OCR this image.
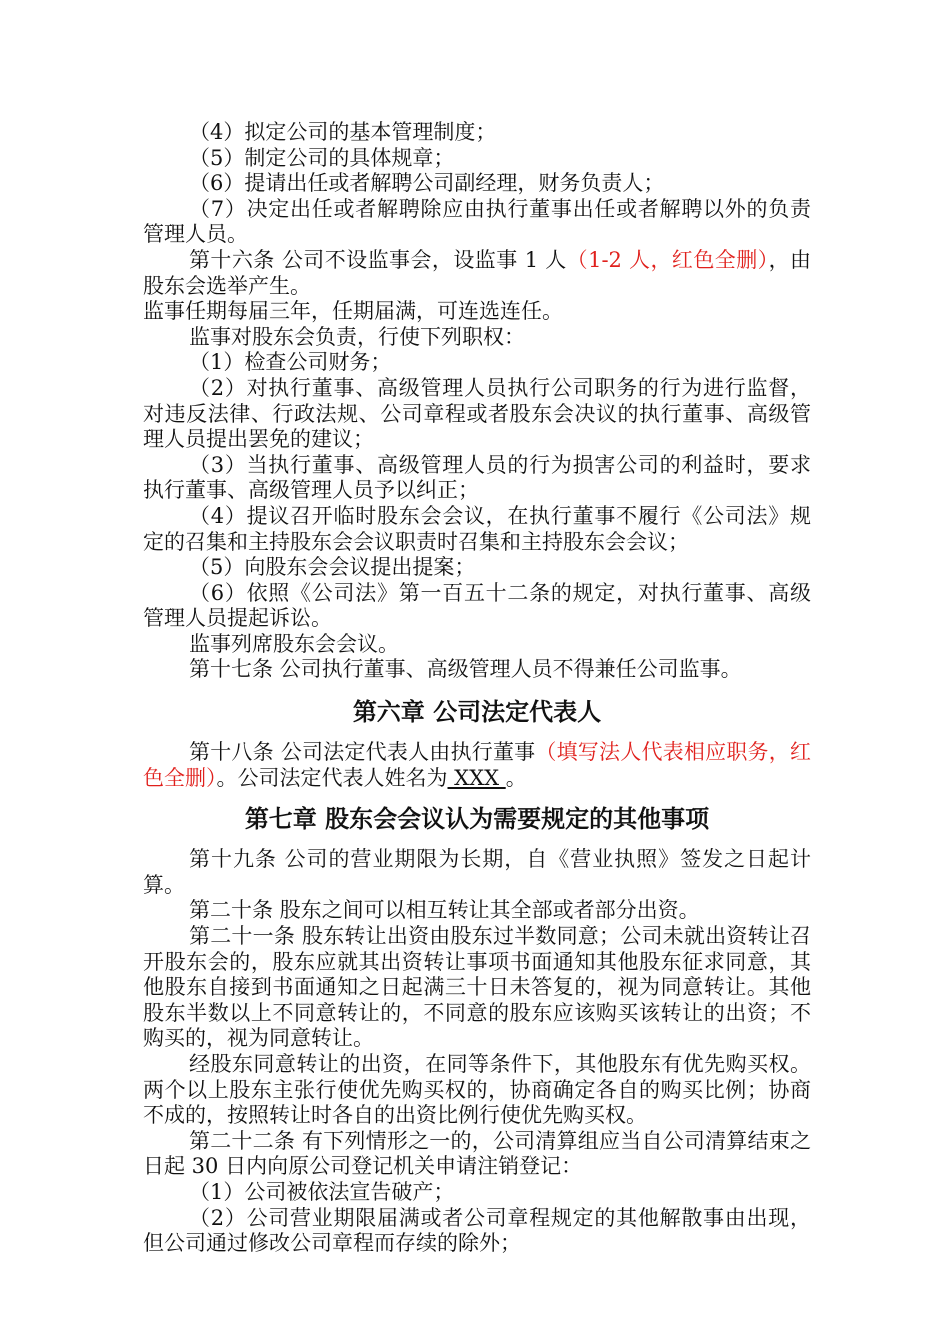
（4）拟定公司的基本管理制度；

（5）制定公司的具体规章；

（6）提请出任或者解聘公司副经理，财务负责人；

（7）决定出任或者解聘除应由执行董事出任或者解聘以外的负责管理人员。

第十六条 公司不设监事会，设监事 1 人（1-2 人，红色全删），由股东会选举产生。

监事任期每届三年，任期届满，可连选连任。

监事对股东会负责，行使下列职权：

（1）检查公司财务；

（2）对执行董事、高级管理人员执行公司职务的行为进行监督，对违反法律、行政法规、公司章程或者股东会决议的执行董事、高级管理人员提出罢免的建议；

（3）当执行董事、高级管理人员的行为损害公司的利益时，要求执行董事、高级管理人员予以纠正；

（4）提议召开临时股东会会议，在执行董事不履行《公司法》规定的召集和主持股东会会议职责时召集和主持股东会会议；

（5）向股东会会议提出提案；

（6）依照《公司法》第一百五十二条的规定，对执行董事、高级管理人员提起诉讼。

监事列席股东会会议。

第十七条 公司执行董事、高级管理人员不得兼任公司监事。

第六章 公司法定代表人

第十八条 公司法定代表人由执行董事（填写法人代表相应职务，红色全删）。公司法定代表人姓名为 XXX 。

第七章 股东会会议认为需要规定的其他事项

第十九条 公司的营业期限为长期，自《营业执照》签发之日起计算。

第二十条 股东之间可以相互转让其全部或者部分出资。

第二十一条 股东转让出资由股东过半数同意；公司未就出资转让召开股东会的，股东应就其出资转让事项书面通知其他股东征求同意，其他股东自接到书面通知之日起满三十日未答复的，视为同意转让。其他股东半数以上不同意转让的，不同意的股东应该购买该转让的出资；不购买的，视为同意转让。

经股东同意转让的出资，在同等条件下，其他股东有优先购买权。两个以上股东主张行使优先购买权的，协商确定各自的购买比例；协商不成的，按照转让时各自的出资比例行使优先购买权。

第二十二条 有下列情形之一的，公司清算组应当自公司清算结束之日起 30 日内向原公司登记机关申请注销登记：

（1）公司被依法宣告破产；

（2）公司营业期限届满或者公司章程规定的其他解散事由出现，但公司通过修改公司章程而存续的除外；
